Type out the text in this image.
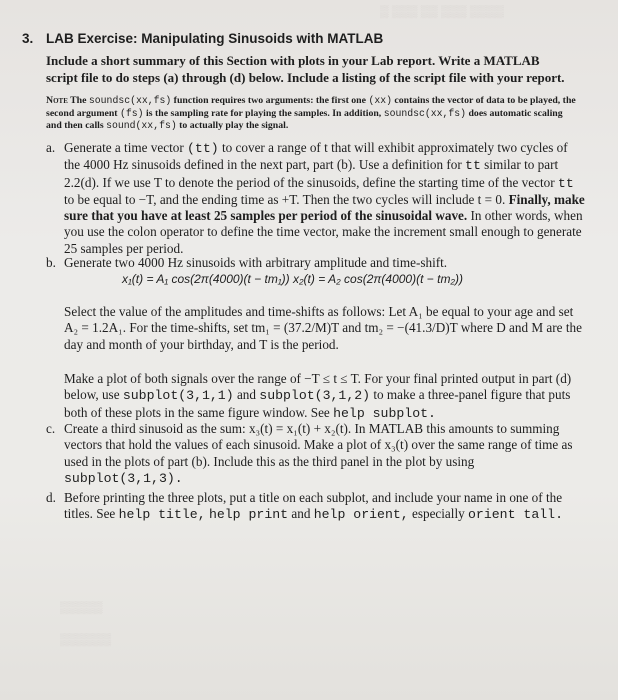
▒ ▒▒▒ ▒▒ ▒▒▒ ▒▒▒▒
▒▒▒▒▒
▒▒▒▒▒▒
3. LAB Exercise: Manipulating Sinusoids with MATLAB
Include a short summary of this Section with plots in your Lab report. Write a MATLAB script file to do steps (a) through (d) below. Include a listing of the script file with your report.
Note The soundsc(xx,fs) function requires two arguments: the first one (xx) contains the vector of data to be played, the second argument (fs) is the sampling rate for playing the samples. In addition, soundsc(xx,fs) does automatic scaling and then calls sound(xx,fs) to actually play the signal.
a. Generate a time vector (tt) to cover a range of t that will exhibit approximately two cycles of the 4000 Hz sinusoids defined in the next part, part (b). Use a definition for tt similar to part 2.2(d). If we use T to denote the period of the sinusoids, define the starting time of the vector tt to be equal to −T, and the ending time as +T. Then the two cycles will include t = 0. Finally, make sure that you have at least 25 samples per period of the sinusoidal wave. In other words, when you use the colon operator to define the time vector, make the increment small enough to generate 25 samples per period.
b. Generate two 4000 Hz sinusoids with arbitrary amplitude and time-shift.
x₁(t) = A₁ cos(2π(4000)(t − tm₁)) x₂(t) = A₂ cos(2π(4000)(t − tm₂))
Select the value of the amplitudes and time-shifts as follows: Let A₁ be equal to your age and set A₂ = 1.2A₁. For the time-shifts, set tm₁ = (37.2/M)T and tm₂ = −(41.3/D)T where D and M are the day and month of your birthday, and T is the period.
Make a plot of both signals over the range of −T ≤ t ≤ T. For your final printed output in part (d) below, use subplot(3,1,1) and subplot(3,1,2) to make a three-panel figure that puts both of these plots in the same figure window. See help subplot.
c. Create a third sinusoid as the sum: x₃(t) = x₁(t) + x₂(t). In MATLAB this amounts to summing vectors that hold the values of each sinusoid. Make a plot of x₃(t) over the same range of time as used in the plots of part (b). Include this as the third panel in the plot by using subplot(3,1,3).
d. Before printing the three plots, put a title on each subplot, and include your name in one of the titles. See help title, help print and help orient, especially orient tall.
